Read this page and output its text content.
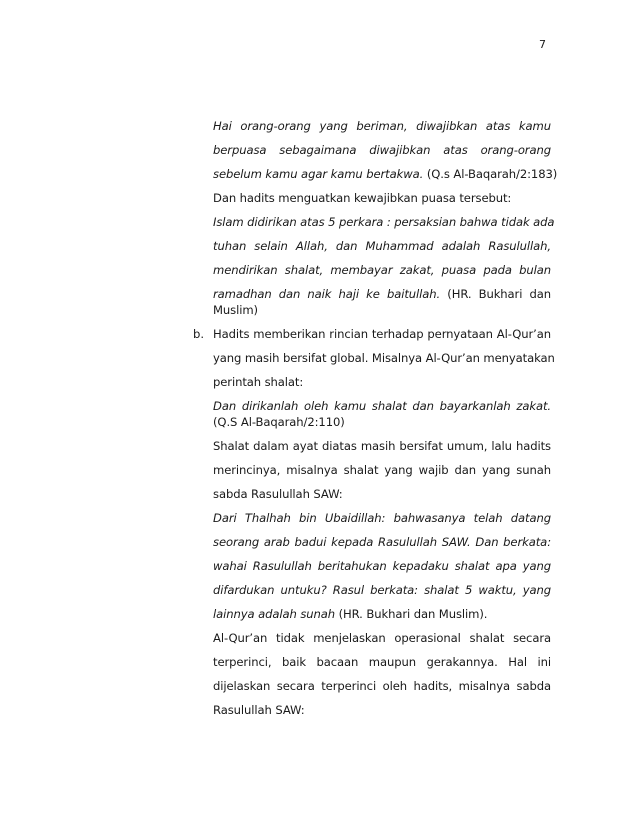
7
Hai orang-orang yang beriman, diwajibkan atas kamu
berpuasa sebagaimana diwajibkan atas orang-orang
sebelum kamu agar kamu bertakwa. (Q.s Al-Baqarah/2:183)
Dan hadits menguatkan kewajibkan puasa tersebut:
Islam didirikan atas 5 perkara : persaksian bahwa tidak ada
tuhan selain Allah, dan Muhammad adalah Rasulullah,
mendirikan shalat, membayar zakat, puasa pada bulan
ramadhan dan naik haji ke baitullah. (HR. Bukhari dan
Muslim)
b. Hadits memberikan rincian terhadap pernyataan Al-Qur’an
yang masih bersifat global. Misalnya Al-Qur’an menyatakan
perintah shalat:
Dan dirikanlah oleh kamu shalat dan bayarkanlah zakat.
(Q.S Al-Baqarah/2:110)
Shalat dalam ayat diatas masih bersifat umum, lalu hadits
merincinya, misalnya shalat yang wajib dan yang sunah
sabda Rasulullah SAW:
Dari Thalhah bin Ubaidillah: bahwasanya telah datang
seorang arab badui kepada Rasulullah SAW. Dan berkata:
wahai Rasulullah beritahukan kepadaku shalat apa yang
difardukan untuku? Rasul berkata: shalat 5 waktu, yang
lainnya adalah sunah (HR. Bukhari dan Muslim).
Al-Qur’an tidak menjelaskan operasional shalat secara
terperinci, baik bacaan maupun gerakannya. Hal ini
dijelaskan secara terperinci oleh hadits, misalnya sabda
Rasulullah SAW:
